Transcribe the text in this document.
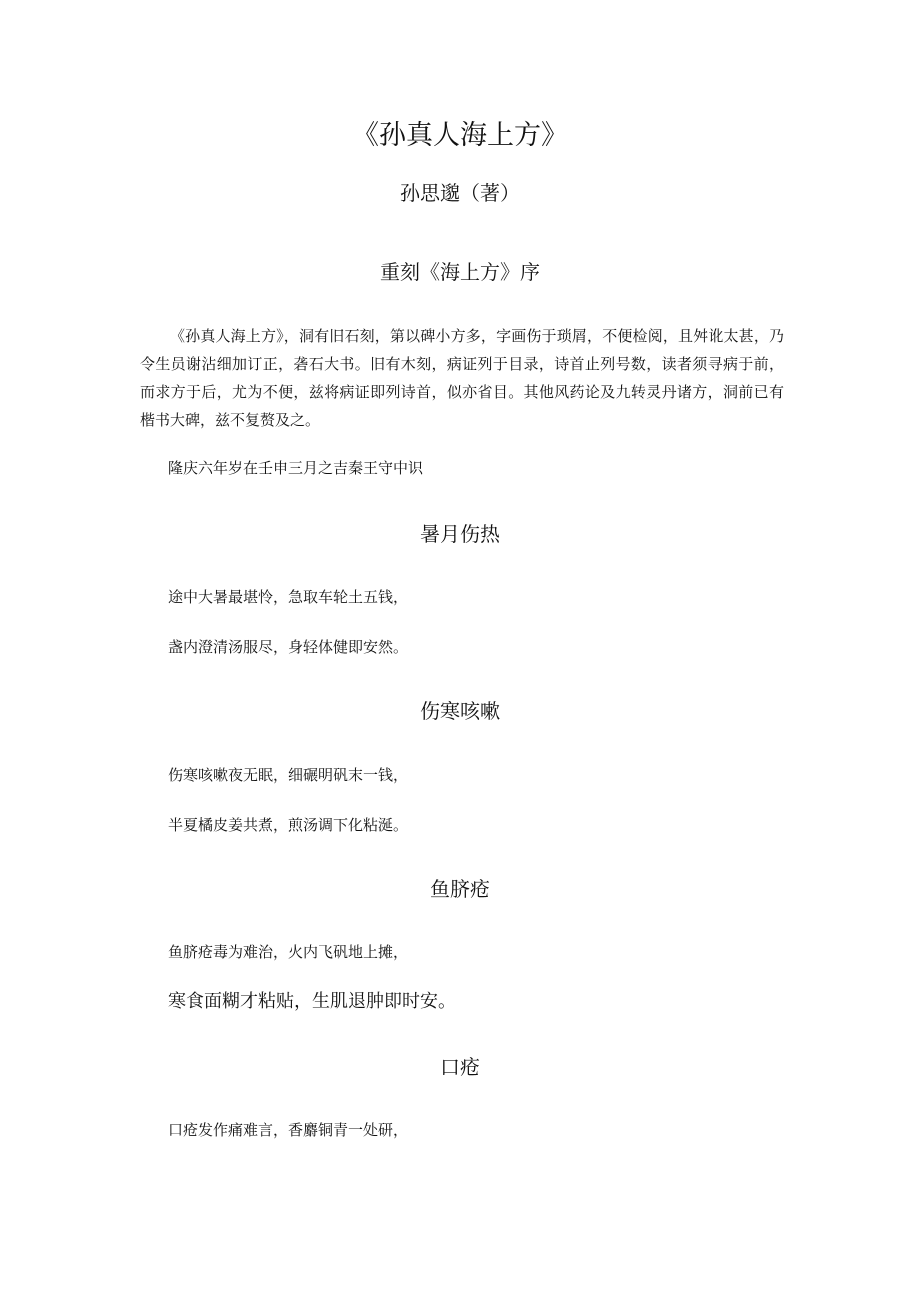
《孙真人海上方》
孙思邈（著）
重刻《海上方》序
《孙真人海上方》，洞有旧石刻，第以碑小方多，字画伤于琐屑，不便检阅，且舛讹太甚，乃令生员谢沾细加订正，砻石大书。旧有木刻，病证列于目录，诗首止列号数，读者须寻病于前，而求方于后，尤为不便，兹将病证即列诗首，似亦省目。其他风药论及九转灵丹诸方，洞前已有楷书大碑，兹不复赘及之。
隆庆六年岁在壬申三月之吉秦王守中识
暑月伤热
途中大暑最堪怜，急取车轮土五钱，
盏内澄清汤服尽，身轻体健即安然。
伤寒咳嗽
伤寒咳嗽夜无眠，细碾明矾末一钱，
半夏橘皮姜共煮，煎汤调下化粘涎。
鱼脐疮
鱼脐疮毒为难治，火内飞矾地上摊，
寒食面糊才粘贴，生肌退肿即时安。
口疮
口疮发作痛难言，香麝铜青一处研，
